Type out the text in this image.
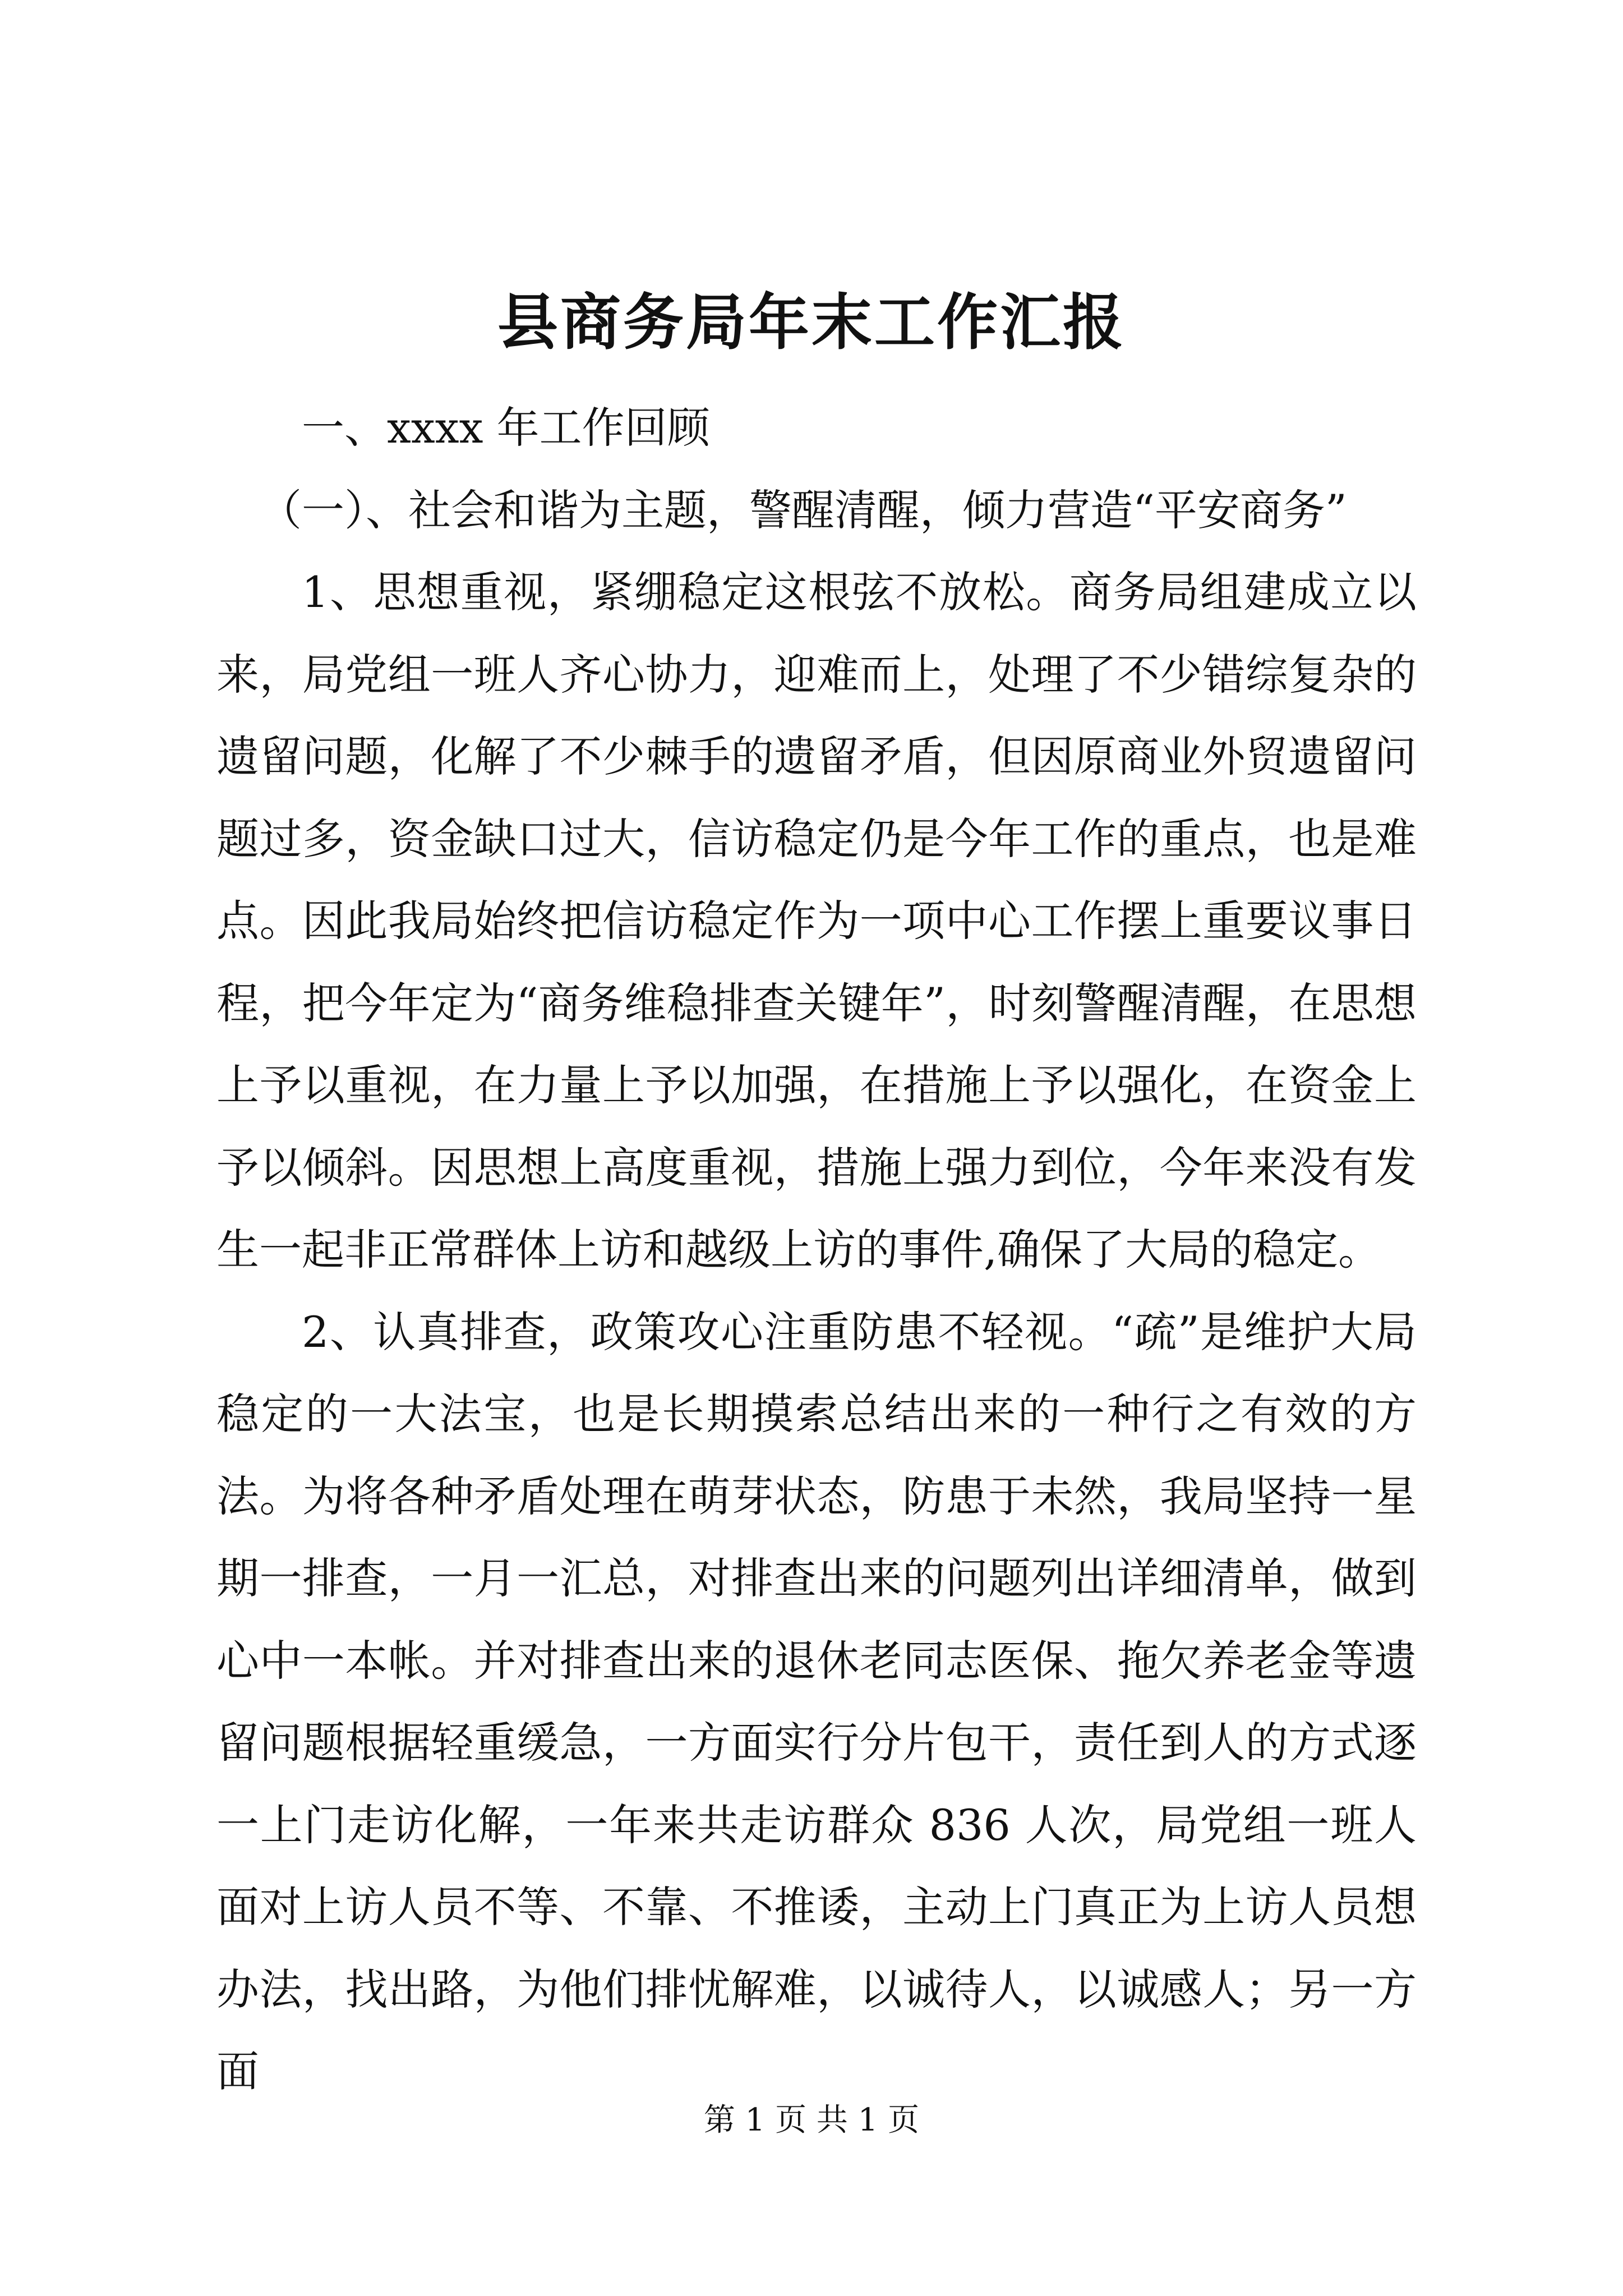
县商务局年末工作汇报

一、xxxx 年工作回顾

（一）、社会和谐为主题，警醒清醒，倾力营造“平安商务”

1、思想重视，紧绷稳定这根弦不放松。商务局组建成立以来，局党组一班人齐心协力，迎难而上，处理了不少错综复杂的遗留问题，化解了不少棘手的遗留矛盾，但因原商业外贸遗留问题过多，资金缺口过大，信访稳定仍是今年工作的重点，也是难点。因此我局始终把信访稳定作为一项中心工作摆上重要议事日程，把今年定为“商务维稳排查关键年”，时刻警醒清醒，在思想上予以重视，在力量上予以加强，在措施上予以强化，在资金上予以倾斜。因思想上高度重视，措施上强力到位，今年来没有发生一起非正常群体上访和越级上访的事件,确保了大局的稳定。

2、认真排查，政策攻心注重防患不轻视。“疏”是维护大局稳定的一大法宝，也是长期摸索总结出来的一种行之有效的方法。为将各种矛盾处理在萌芽状态，防患于未然，我局坚持一星期一排查，一月一汇总，对排查出来的问题列出详细清单，做到心中一本帐。并对排查出来的退休老同志医保、拖欠养老金等遗留问题根据轻重缓急，一方面实行分片包干，责任到人的方式逐一上门走访化解，一年来共走访群众 836 人次，局党组一班人面对上访人员不等、不靠、不推诿，主动上门真正为上访人员想办法，找出路，为他们排忧解难，以诚待人，以诚感人；另一方面

第 1 页 共 1 页
